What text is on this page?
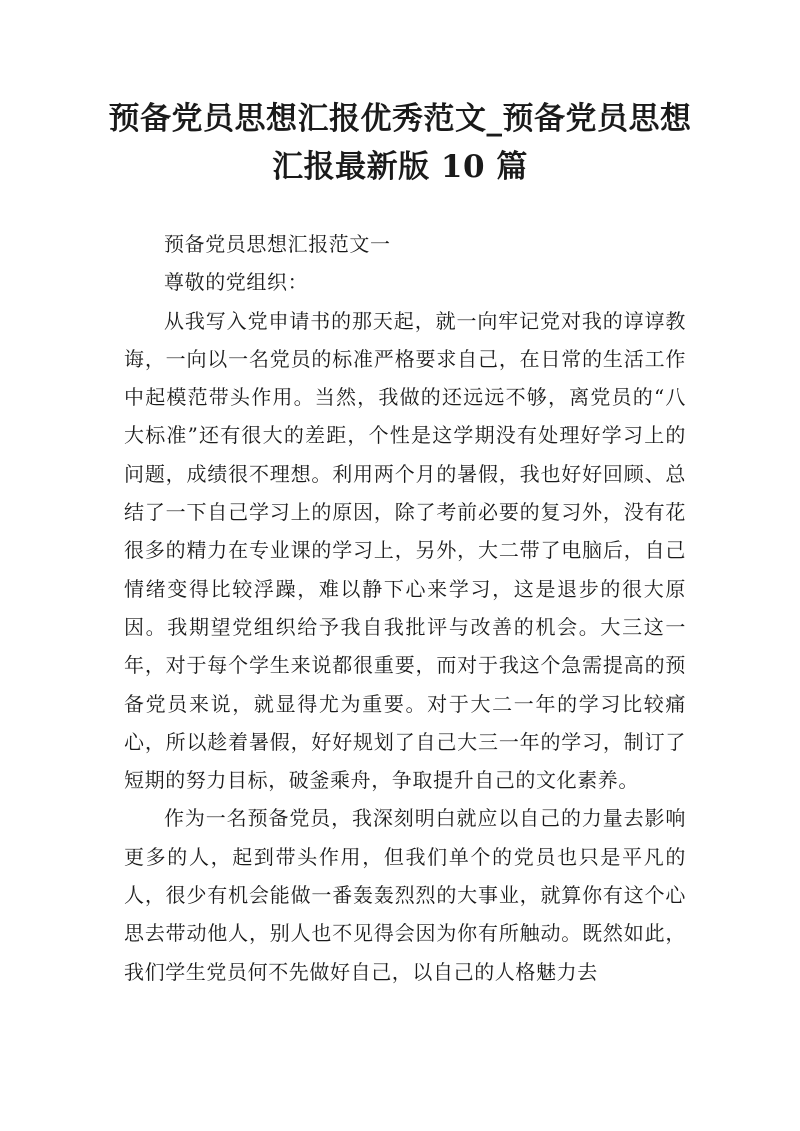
预备党员思想汇报优秀范文_预备党员思想
汇报最新版 10 篇

预备党员思想汇报范文一

尊敬的党组织：

从我写入党申请书的那天起，就一向牢记党对我的谆谆教诲，一向以一名党员的标准严格要求自己，在日常的生活工作中起模范带头作用。当然，我做的还远远不够，离党员的“八大标准”还有很大的差距，个性是这学期没有处理好学习上的问题，成绩很不理想。利用两个月的暑假，我也好好回顾、总结了一下自己学习上的原因，除了考前必要的复习外，没有花很多的精力在专业课的学习上，另外，大二带了电脑后，自己情绪变得比较浮躁，难以静下心来学习，这是退步的很大原因。我期望党组织给予我自我批评与改善的机会。大三这一年，对于每个学生来说都很重要，而对于我这个急需提高的预备党员来说，就显得尤为重要。对于大二一年的学习比较痛心，所以趁着暑假，好好规划了自己大三一年的学习，制订了短期的努力目标，破釜乘舟，争取提升自己的文化素养。

作为一名预备党员，我深刻明白就应以自己的力量去影响更多的人，起到带头作用，但我们单个的党员也只是平凡的人，很少有机会能做一番轰轰烈烈的大事业，就算你有这个心思去带动他人，别人也不见得会因为你有所触动。既然如此，我们学生党员何不先做好自己，以自己的人格魅力去
